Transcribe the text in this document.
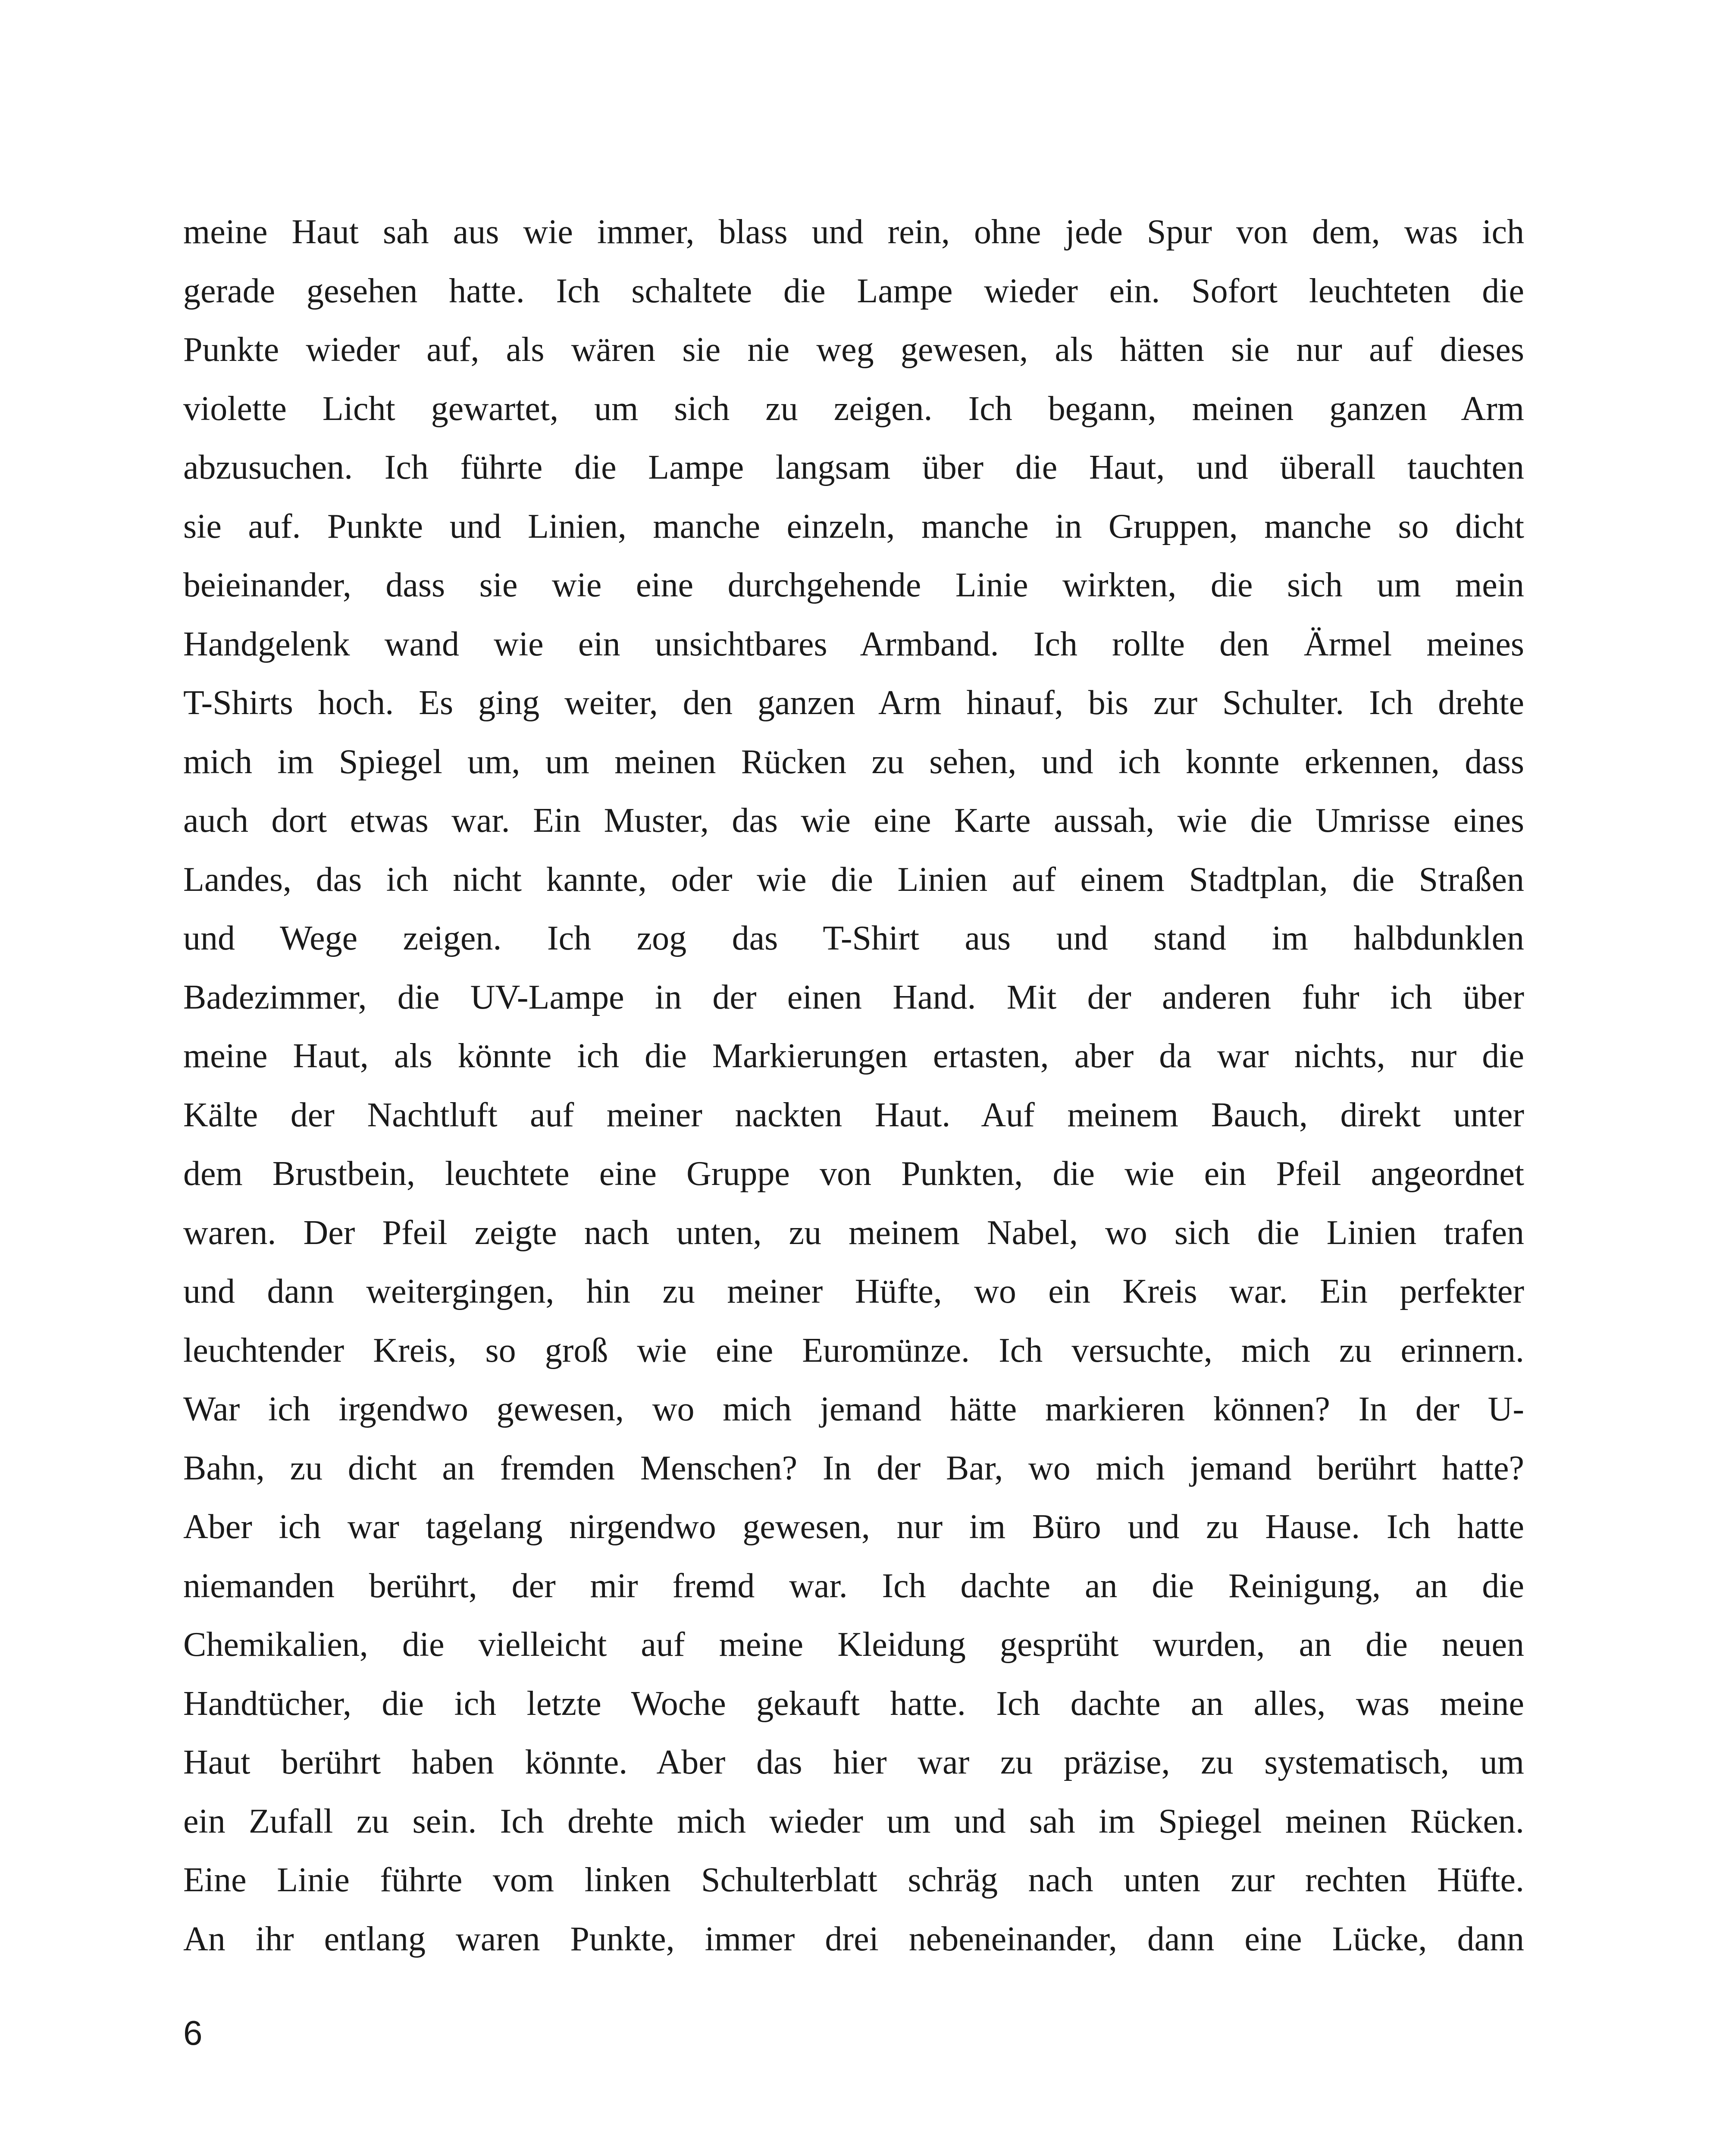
meine Haut sah aus wie immer, blass und rein, ohne jede Spur von dem, was ich
gerade gesehen hatte. Ich schaltete die Lampe wieder ein. Sofort leuchteten die
Punkte wieder auf, als wären sie nie weg gewesen, als hätten sie nur auf dieses
violette Licht gewartet, um sich zu zeigen. Ich begann, meinen ganzen Arm
abzusuchen. Ich führte die Lampe langsam über die Haut, und überall tauchten
sie auf. Punkte und Linien, manche einzeln, manche in Gruppen, manche so dicht
beieinander, dass sie wie eine durchgehende Linie wirkten, die sich um mein
Handgelenk wand wie ein unsichtbares Armband. Ich rollte den Ärmel meines
T-Shirts hoch. Es ging weiter, den ganzen Arm hinauf, bis zur Schulter. Ich drehte
mich im Spiegel um, um meinen Rücken zu sehen, und ich konnte erkennen, dass
auch dort etwas war. Ein Muster, das wie eine Karte aussah, wie die Umrisse eines
Landes, das ich nicht kannte, oder wie die Linien auf einem Stadtplan, die Straßen
und Wege zeigen. Ich zog das T-Shirt aus und stand im halbdunklen
Badezimmer, die UV-Lampe in der einen Hand. Mit der anderen fuhr ich über
meine Haut, als könnte ich die Markierungen ertasten, aber da war nichts, nur die
Kälte der Nachtluft auf meiner nackten Haut. Auf meinem Bauch, direkt unter
dem Brustbein, leuchtete eine Gruppe von Punkten, die wie ein Pfeil angeordnet
waren. Der Pfeil zeigte nach unten, zu meinem Nabel, wo sich die Linien trafen
und dann weitergingen, hin zu meiner Hüfte, wo ein Kreis war. Ein perfekter
leuchtender Kreis, so groß wie eine Euromünze. Ich versuchte, mich zu erinnern.
War ich irgendwo gewesen, wo mich jemand hätte markieren können? In der U-
Bahn, zu dicht an fremden Menschen? In der Bar, wo mich jemand berührt hatte?
Aber ich war tagelang nirgendwo gewesen, nur im Büro und zu Hause. Ich hatte
niemanden berührt, der mir fremd war. Ich dachte an die Reinigung, an die
Chemikalien, die vielleicht auf meine Kleidung gesprüht wurden, an die neuen
Handtücher, die ich letzte Woche gekauft hatte. Ich dachte an alles, was meine
Haut berührt haben könnte. Aber das hier war zu präzise, zu systematisch, um
ein Zufall zu sein. Ich drehte mich wieder um und sah im Spiegel meinen Rücken.
Eine Linie führte vom linken Schulterblatt schräg nach unten zur rechten Hüfte.
An ihr entlang waren Punkte, immer drei nebeneinander, dann eine Lücke, dann
6
